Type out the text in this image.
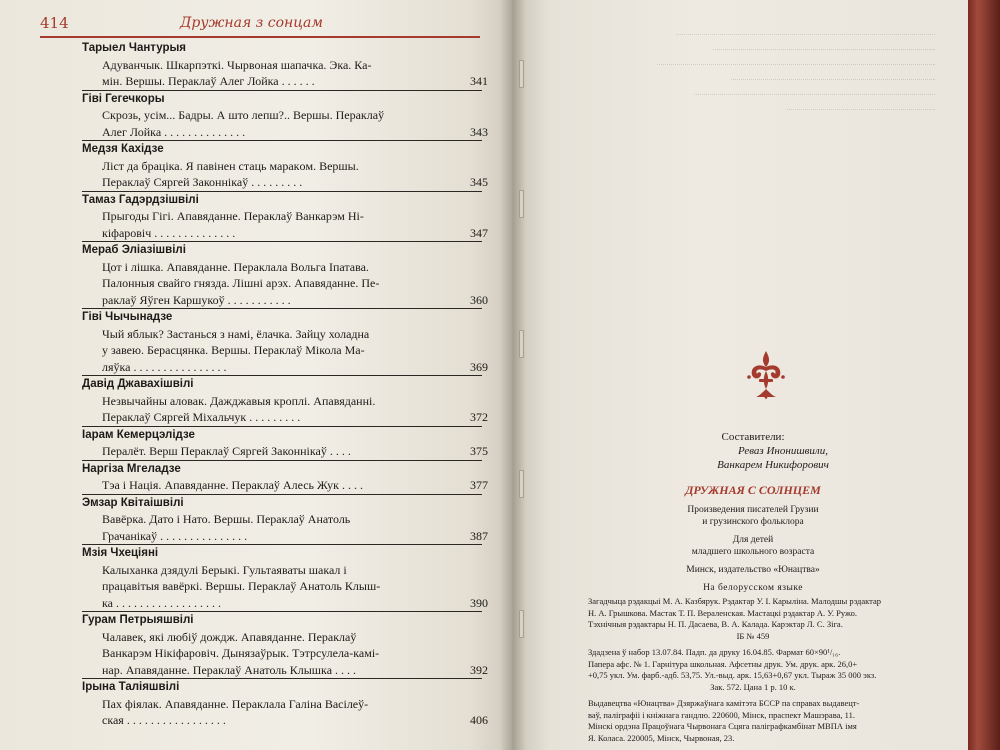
414	Дружная з сонцам
Тарыел Чантурыя
Адуванчык. Шкарпэткі. Чырвоная шапачка. Эка. Ка-
мін. Вершы. Пераклаў Алег Лойка . . . . . .	341
Гіві Гегечкоры
Скрозь, усім... Бадры. А што лепш?.. Вершы. Пераклаў
Алег Лойка . . . . . . . . . . . . . .	343
Медзя Кахідзе
Ліст да брацiка. Я павінен стаць маракoм. Вершы.
Пераклаў Сяргей Законнікаў . . . . . . . . .	345
Тамаз Гадэрдзішвілі
Прыгоды Гігі. Апавяданне. Пераклаў Ванкарэм Ні-
кіфаровіч . . . . . . . . . . . . . .	347
Мераб Эліазішвілі
Цот і лішка. Апавяданне. Пераклала Вольга Іпатава.
Палонныя свайго гнязда. Лішні арэх. Апавяданне. Пе-
раклаў Яўген Каршукоў . . . . . . . . . . .	360
Гіві Чычынадзе
Чый яблык? Застанься з намі, ёлачка. Зайцу холадна
у завею. Берасцянка. Вершы. Пераклаў Мікола Ма-
ляўка . . . . . . . . . . . . . . . .	369
Давід Джавахішвілі
Незвычайны аловак. Дажджавыя кроплі. Апавяданні.
Пераклаў Сяргей Міхальчук . . . . . . . . .	372
Іарам Кемерцэлідзе
Пералёт. Верш Пераклаў Сяргей Законнікаў . . . .	375
Наргіза Мгеладзе
Тэа і Нацiя. Апавяданне. Пераклаў Алесь Жук . . . .	377
Эмзар Квітаішвілі
Вавёрка. Дато і Нато. Вершы. Пераклаў Анатоль
Грачанікаў . . . . . . . . . . . . . . .	387
Мзія Чхеціяні
Калыханка дзядулі Берыкі. Гультаяваты шакал і
працавітыя вавёркі. Вершы. Пераклаў Анатоль Клыш-
ка . . . . . . . . . . . . . . . . . .	390
Гурам Петрыяшвілі
Чалавек, які любіў дождж. Апавяданне. Пераклаў
Ванкарэм Нікіфаровіч. Дынязаўрык. Тэтрсулела-камі-
нар. Апавяданне. Пераклаў Анатоль Клышка . . . .	392
Ірына Таліяшвілі
Пах фіялак. Апавяданне. Пераклала Галіна Васілеў-
ская . . . . . . . . . . . . . . . . .	406
Составители:
Реваз Инонишвили,
Ванкарем Никифорович
ДРУЖНАЯ С СОЛНЦЕМ
Произведения писателей Грузии
и грузинского фольклора
Для детей
младшего школьного возраста
Минск, издательство «Юнацтва»
На белорусском языке
Загадчыца рэдакцыі М. А. Казбярук. Рэдактар У. І. Карыліна. Малодшы рэдактар
Н. А. Грышкова. Мастак Т. П. Вераленская. Мастацкі рэдактар А. У. Ружо.
Тэхнічныя рэдактары Н. П. Дасаева, В. А. Калада. Карэктар Л. С. Зіга.
ІБ № 459
Здадзена ў набор 13.07.84. Падп. да друку 16.04.85. Фармат 60×90¹/₁₆.
Папера афс. № 1. Гарнітура школьная. Афсетны друк. Ум. друк. арк. 26,0+
+0,75 укл. Ум. фарб.-адб. 53,75. Ул.-выд. арк. 15,63+0,67 укл. Тыраж 35 000 экз.
Зак. 572. Цана 1 р. 10 к.
Выдавецтва «Юнацтва» Дзяржаўнага камітэта БССР па справах выдавецт-
ваў, паліграфіі і кніжнага гандлю. 220600, Мінск, праспект Машэрава, 11.
Мінскі ордэна Працоўнага Чырвонага Сцяга паліграфкамбінат МВПА імя
Я. Коласа. 220005, Мінск, Чырвоная, 23.
